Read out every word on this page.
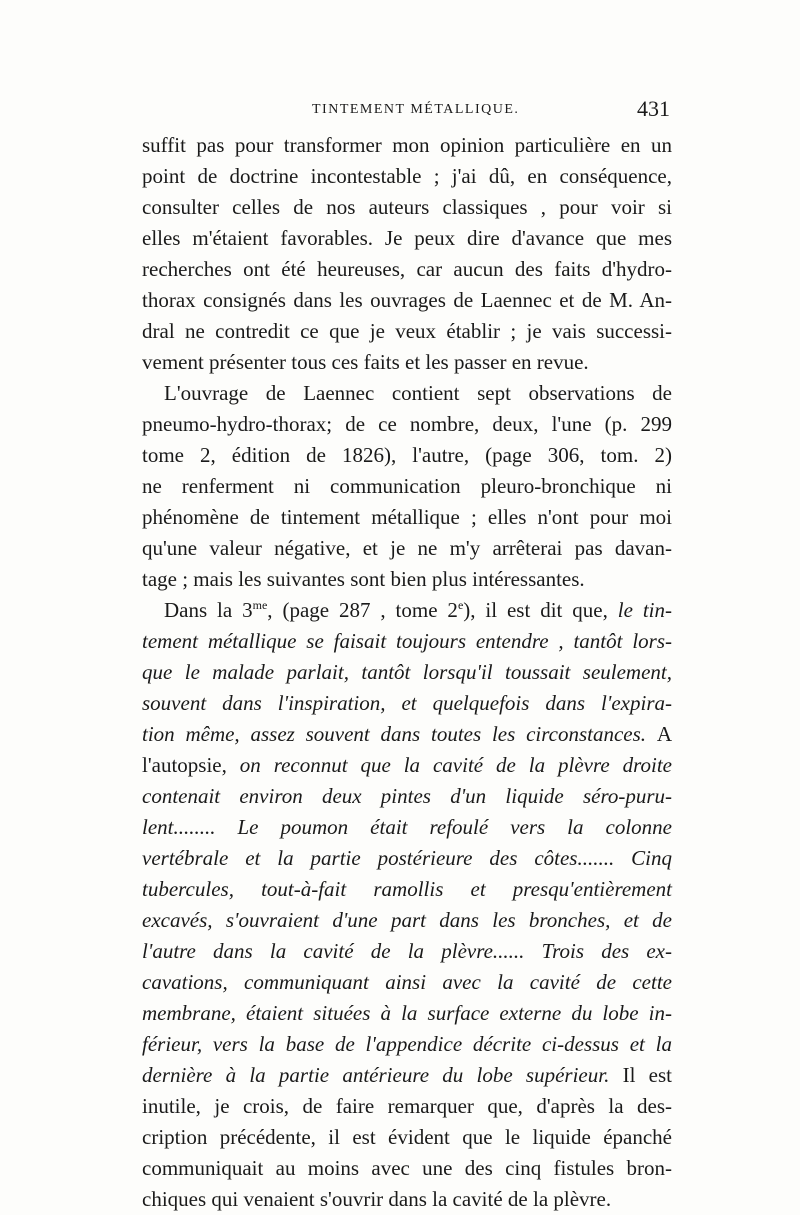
TINTEMENT MÉTALLIQUE.	431
suffit pas pour transformer mon opinion particulière en un
point de doctrine incontestable ; j'ai dû, en conséquence,
consulter celles de nos auteurs classiques , pour voir si
elles m'étaient favorables. Je peux dire d'avance que mes
recherches ont été heureuses, car aucun des faits d'hydro-
thorax consignés dans les ouvrages de Laennec et de M. An-
dral ne contredit ce que je veux établir ; je vais successi-
vement présenter tous ces faits et les passer en revue.
L'ouvrage de Laennec contient sept observations de
pneumo-hydro-thorax; de ce nombre, deux, l'une (p. 299
tome 2, édition de 1826), l'autre, (page 306, tom. 2)
ne renferment ni communication pleuro-bronchique ni
phénomène de tintement métallique ; elles n'ont pour moi
qu'une valeur négative, et je ne m'y arrêterai pas davan-
tage ; mais les suivantes sont bien plus intéressantes.
Dans la $3^{me}$, (page 287 , tome 2e), il est dit que, le tin-
tement métallique se faisait toujours entendre , tantôt lors-
que le malade parlait, tantôt lorsqu'il toussait seulement,
souvent dans l'inspiration, et quelquefois dans l'expira-
tion même, assez souvent dans toutes les circonstances. A
l'autopsie, on reconnut que la cavité de la plèvre droite
contenait environ deux pintes d'un liquide séro-puru-
lent........ Le poumon était refoulé vers la colonne
vertébrale et la partie postérieure des côtes....... Cinq
tubercules, tout-à-fait ramollis et presqu'entièrement
excavés, s'ouvraient d'une part dans les bronches, et de
l'autre dans la cavité de la plèvre...... Trois des ex-
cavations, communiquant ainsi avec la cavité de cette
membrane, étaient situées à la surface externe du lobe in-
férieur, vers la base de l'appendice décrite ci-dessus et la
dernière à la partie antérieure du lobe supérieur. Il est
inutile, je crois, de faire remarquer que, d'après la des-
cription précédente, il est évident que le liquide épanché
communiquait au moins avec une des cinq fistules bron-
chiques qui venaient s'ouvrir dans la cavité de la plèvre.
